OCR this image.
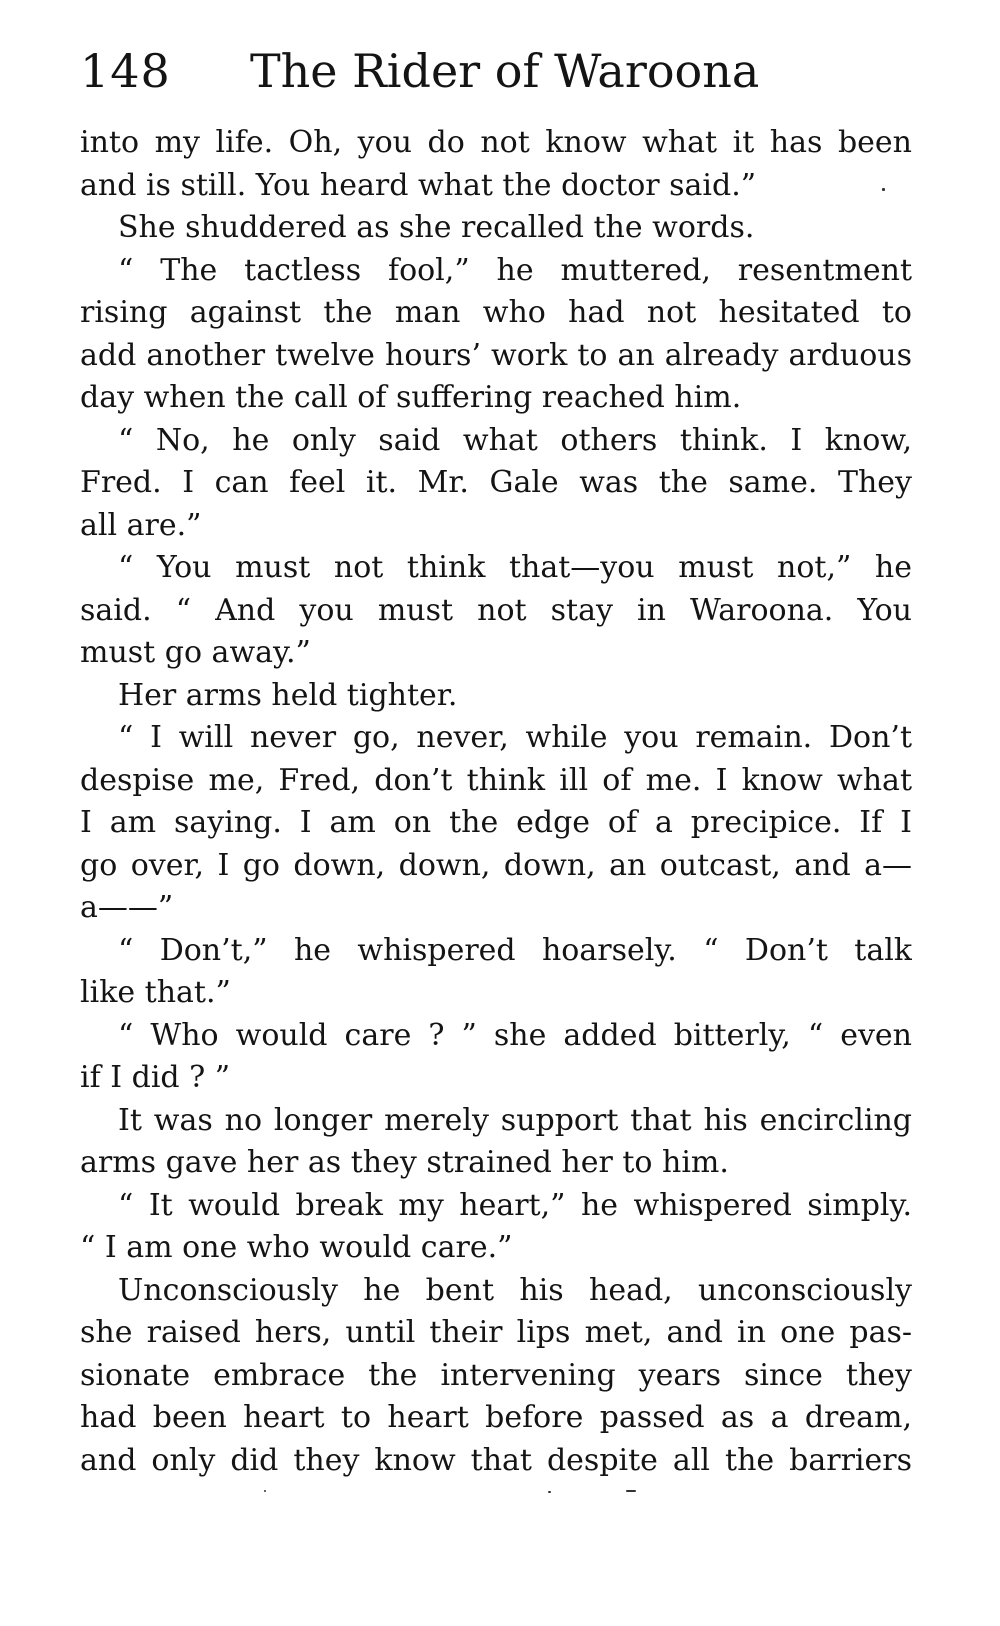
148 The Rider of Waroona
into my life. Oh, you do not know what it has been
and is still. You heard what the doctor said.”
She shuddered as she recalled the words.
“ The tactless fool,” he muttered, resentment
rising against the man who had not hesitated to
add another twelve hours’ work to an already arduous
day when the call of suffering reached him.
“ No, he only said what others think. I know,
Fred. I can feel it. Mr. Gale was the same. They
all are.”
“ You must not think that—you must not,” he
said. “ And you must not stay in Waroona. You
must go away.”
Her arms held tighter.
“ I will never go, never, while you remain. Don’t
despise me, Fred, don’t think ill of me. I know what
I am saying. I am on the edge of a precipice. If I
go over, I go down, down, down, an outcast, and a—
a——”
“ Don’t,” he whispered hoarsely. “ Don’t talk
like that.”
“ Who would care ? ” she added bitterly, “ even
if I did ? ”
It was no longer merely support that his encircling
arms gave her as they strained her to him.
“ It would break my heart,” he whispered simply.
“ I am one who would care.”
Unconsciously he bent his head, unconsciously
she raised hers, until their lips met, and in one pas-
sionate embrace the intervening years since they
had been heart to heart before passed as a dream,
and only did they know that despite all the barriers
